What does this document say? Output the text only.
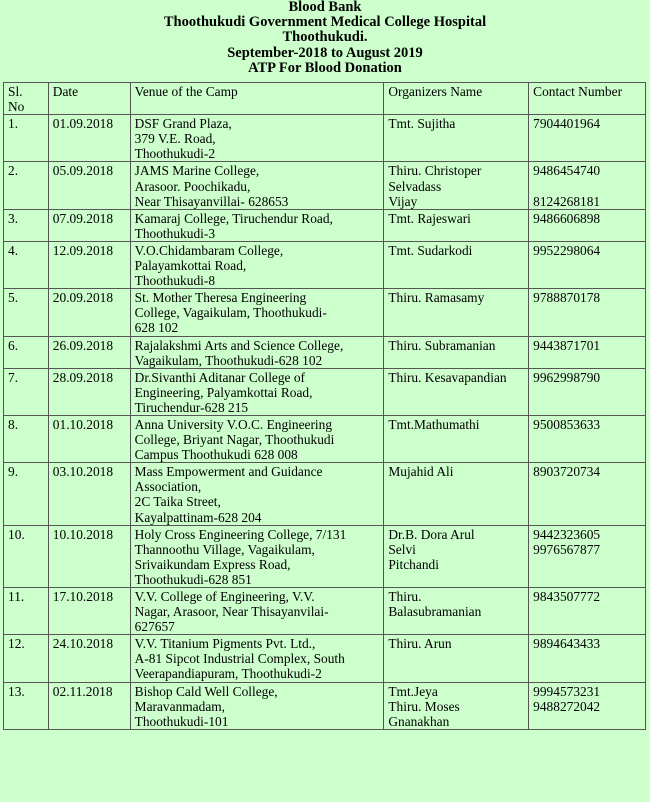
Blood Bank
Thoothukudi Government Medical College Hospital
Thoothukudi.
September-2018 to August 2019
ATP For Blood Donation
Sl.
No	Date	Venue of the Camp	Organizers Name	Contact Number

1.	01.09.2018	DSF Grand Plaza,
379 V.E. Road,
Thoothukudi-2	Tmt. Sujitha	7904401964

2.	05.09.2018	JAMS Marine College,
Arasoor. Poochikadu,
Near Thisayanvillai- 628653	Thiru. Christoper
Selvadass
Vijay	9486454740
8124268181

3.	07.09.2018	Kamaraj College, Tiruchendur Road,
Thoothukudi-3	Tmt. Rajeswari	9486606898

4.	12.09.2018	V.O.Chidambaram College,
Palayamkottai Road,
Thoothukudi-8	Tmt. Sudarkodi	9952298064

5.	20.09.2018	St. Mother Theresa Engineering
College, Vagaikulam, Thoothukudi-
628 102	Thiru. Ramasamy	9788870178

6.	26.09.2018	Rajalakshmi Arts and Science College,
Vagaikulam, Thoothukudi-628 102	Thiru. Subramanian	9443871701

7.	28.09.2018	Dr.Sivanthi Aditanar College of
Engineering, Palyamkottai Road,
Tiruchendur-628 215	Thiru. Kesavapandian	9962998790

8.	01.10.2018	Anna University V.O.C. Engineering
College, Briyant Nagar, Thoothukudi
Campus Thoothukudi 628 008	Tmt.Mathumathi	9500853633

9.	03.10.2018	Mass Empowerment and Guidance
Association,
2C Taika Street,
Kayalpattinam-628 204	Mujahid Ali	8903720734

10.	10.10.2018	Holy Cross Engineering College, 7/131
Thannoothu Village, Vagaikulam,
Srivaikundam Express Road,
Thoothukudi-628 851	Dr.B. Dora Arul
Selvi
Pitchandi	9442323605
9976567877

11.	17.10.2018	V.V. College of Engineering, V.V.
Nagar, Arasoor, Near Thisayanvilai-
627657	Thiru.
Balasubramanian	9843507772

12.	24.10.2018	V.V. Titanium Pigments Pvt. Ltd.,
A-81 Sipcot Industrial Complex, South
Veerapandiapuram, Thoothukudi-2	Thiru. Arun	9894643433

13.	02.11.2018	Bishop Cald Well College,
Maravanmadam,
Thoothukudi-101	Tmt.Jeya
Thiru. Moses
Gnanakhan	9994573231
9488272042
